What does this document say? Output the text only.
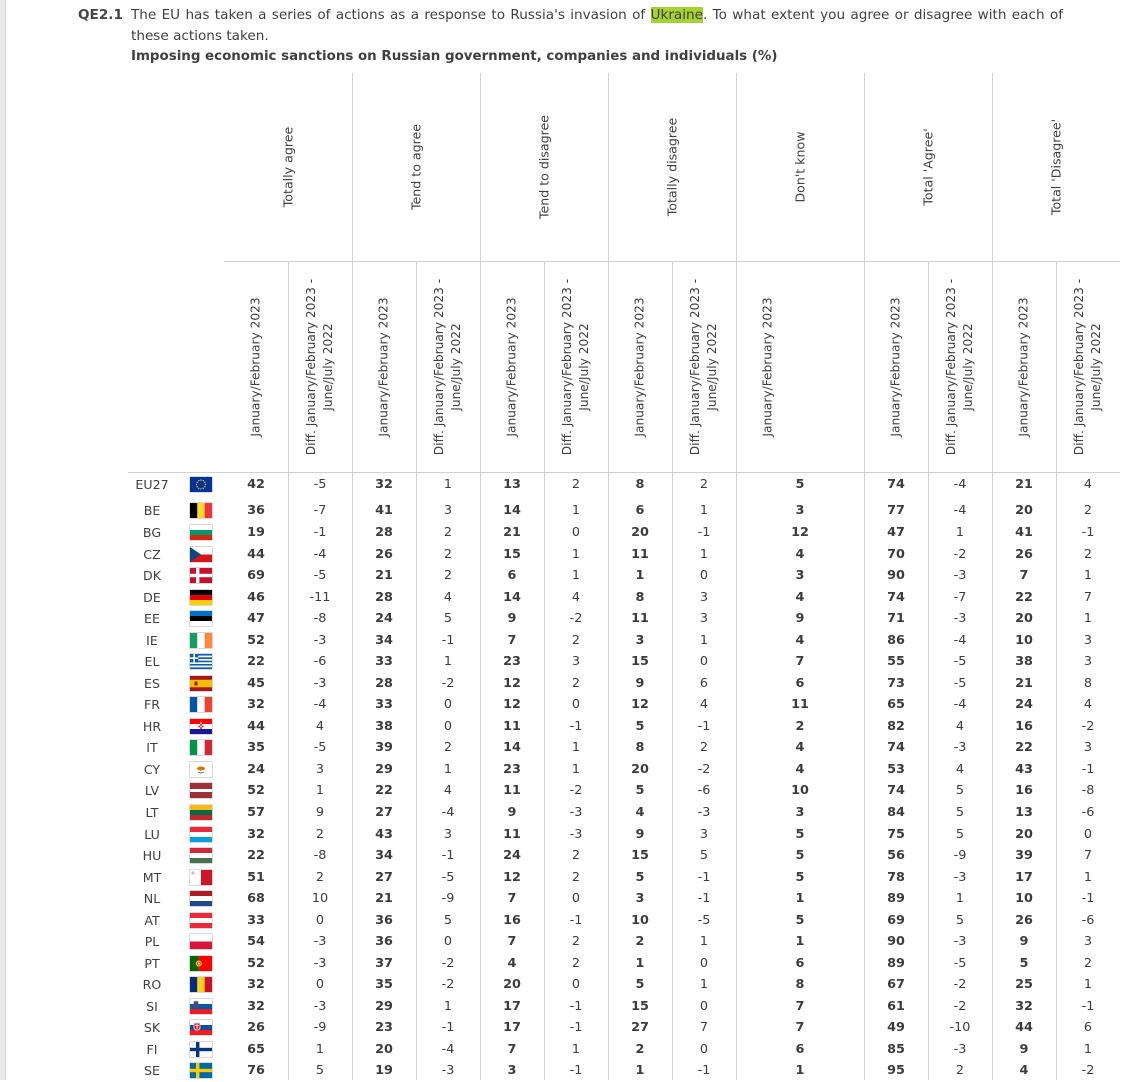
QE2.1 The EU has taken a series of actions as a response to Russia's invasion of Ukraine. To what extent you agree or disagree with each of these actions taken.
Imposing economic sanctions on Russian government, companies and individuals (%)
Totally agree	Tend to agree	Tend to disagree	Totally disagree	Don't know	Total 'Agree'	Total 'Disagree'
January/February 2023	Diff. January/February 2023 - June/July 2022	January/February 2023	Diff. January/February 2023 - June/July 2022	January/February 2023	Diff. January/February 2023 - June/July 2022	January/February 2023	Diff. January/February 2023 - June/July 2022	January/February 2023	January/February 2023	Diff. January/February 2023 - June/July 2022	January/February 2023	Diff. January/February 2023 - June/July 2022
EU27	42	-5	32	1	13	2	8	2	5	74	-4	21	4
BE	36	-7	41	3	14	1	6	1	3	77	-4	20	2
BG	19	-1	28	2	21	0	20	-1	12	47	1	41	-1
CZ	44	-4	26	2	15	1	11	1	4	70	-2	26	2
DK	69	-5	21	2	6	1	1	0	3	90	-3	7	1
DE	46	-11	28	4	14	4	8	3	4	74	-7	22	7
EE	47	-8	24	5	9	-2	11	3	9	71	-3	20	1
IE	52	-3	34	-1	7	2	3	1	4	86	-4	10	3
EL	22	-6	33	1	23	3	15	0	7	55	-5	38	3
ES	45	-3	28	-2	12	2	9	6	6	73	-5	21	8
FR	32	-4	33	0	12	0	12	4	11	65	-4	24	4
HR	44	4	38	0	11	-1	5	-1	2	82	4	16	-2
IT	35	-5	39	2	14	1	8	2	4	74	-3	22	3
CY	24	3	29	1	23	1	20	-2	4	53	4	43	-1
LV	52	1	22	4	11	-2	5	-6	10	74	5	16	-8
LT	57	9	27	-4	9	-3	4	-3	3	84	5	13	-6
LU	32	2	43	3	11	-3	9	3	5	75	5	20	0
HU	22	-8	34	-1	24	2	15	5	5	56	-9	39	7
MT	51	2	27	-5	12	2	5	-1	5	78	-3	17	1
NL	68	10	21	-9	7	0	3	-1	1	89	1	10	-1
AT	33	0	36	5	16	-1	10	-5	5	69	5	26	-6
PL	54	-3	36	0	7	2	2	1	1	90	-3	9	3
PT	52	-3	37	-2	4	2	1	0	6	89	-5	5	2
RO	32	0	35	-2	20	0	5	1	8	67	-2	25	1
SI	32	-3	29	1	17	-1	15	0	7	61	-2	32	-1
SK	26	-9	23	-1	17	-1	27	7	7	49	-10	44	6
FI	65	1	20	-4	7	1	2	0	6	85	-3	9	1
SE	76	5	19	-3	3	-1	1	-1	1	95	2	4	-2
